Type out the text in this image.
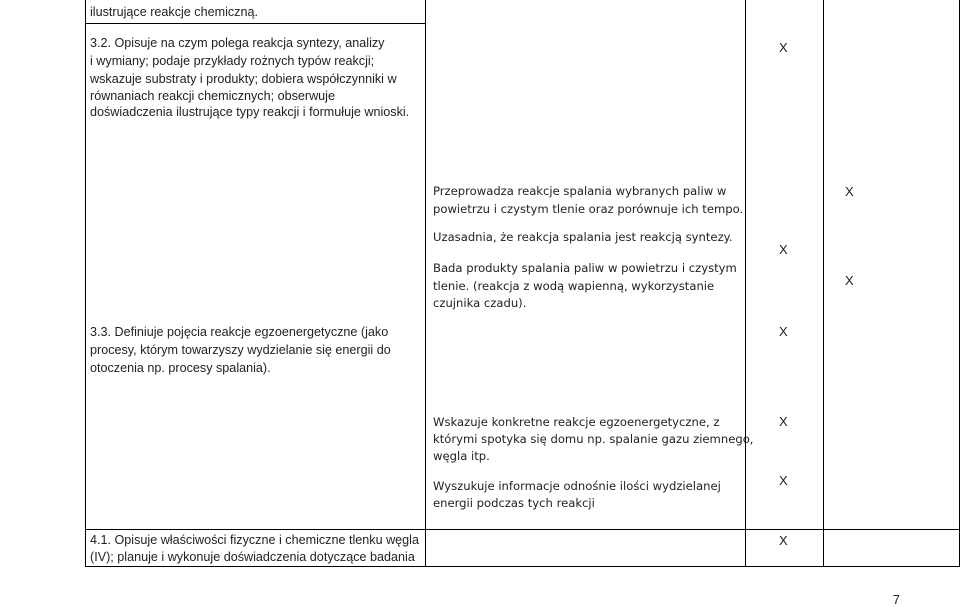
ilustrujące reakcje chemiczną.
3.2. Opisuje na czym polega reakcja syntezy, analizy
i wymiany; podaje przykłady rożnych typów reakcji;
wskazuje substraty i produkty; dobiera współczynniki w
równaniach reakcji chemicznych; obserwuje
doświadczenia ilustrujące typy reakcji i formułuje wnioski.
X
Przeprowadza reakcje spalania wybranych paliw w
powietrzu i czystym tlenie oraz porównuje ich tempo.
X
Uzasadnia, że reakcja spalania jest reakcją syntezy.
X
Bada produkty spalania paliw w powietrzu i czystym
tlenie. (reakcja z wodą wapienną, wykorzystanie
czujnika czadu).
X
3.3. Definiuje pojęcia reakcje egzoenergetyczne (jako
procesy, którym towarzyszy wydzielanie się energii do
otoczenia np. procesy spalania).
X
Wskazuje konkretne reakcje egzoenergetyczne, z
którymi spotyka się domu np. spalanie gazu ziemnego,
węgla itp.
X
Wyszukuje informacje odnośnie ilości wydzielanej
energii podczas tych reakcji
X
4.1. Opisuje właściwości fizyczne i chemiczne tlenku węgla
(IV); planuje i wykonuje doświadczenia dotyczące badania
X
7
